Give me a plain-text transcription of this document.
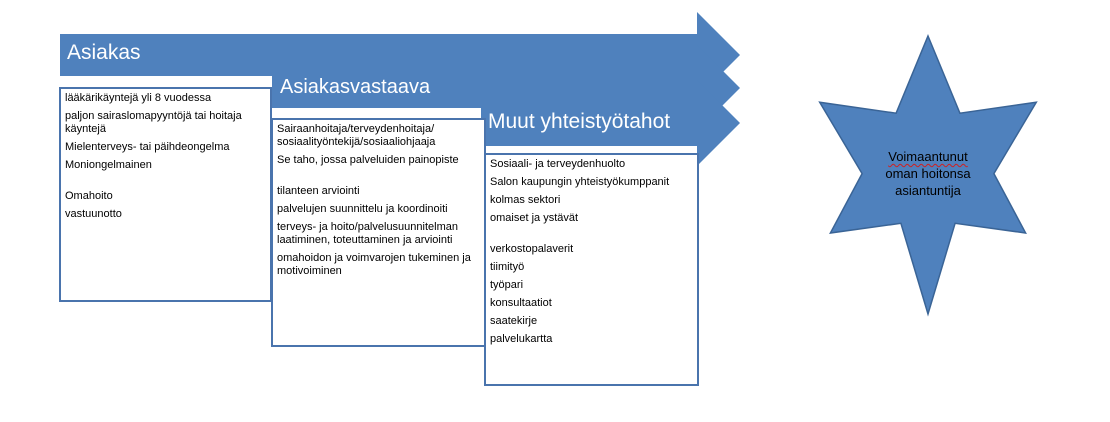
Asiakas
Asiakasvastaava
Muut yhteistyötahot
lääkärikäyntejä yli 8 vuodessa
paljon sairaslomapyyntöjä tai hoitaja käyntejä
Mielenterveys- tai päihdeongelma
Moniongelmainen
Omahoito
vastuunotto
Sairaanhoitaja/terveydenhoitaja/ sosiaalityöntekijä/sosiaaliohjaaja
Se taho, jossa palveluiden painopiste
tilanteen arviointi
palvelujen suunnittelu ja koordinoiti
terveys- ja hoito/palvelusuunnitelman laatiminen, toteuttaminen ja arviointi
omahoidon ja voimvarojen tukeminen ja motivoiminen
Sosiaali- ja terveydenhuolto
Salon kaupungin yhteistyökumppanit
kolmas sektori
omaiset ja ystävät
verkostopalaverit
tiimityö
työpari
konsultaatiot
saatekirje
palvelukartta
Voimaantunut
oman hoitonsa
asiantuntija
